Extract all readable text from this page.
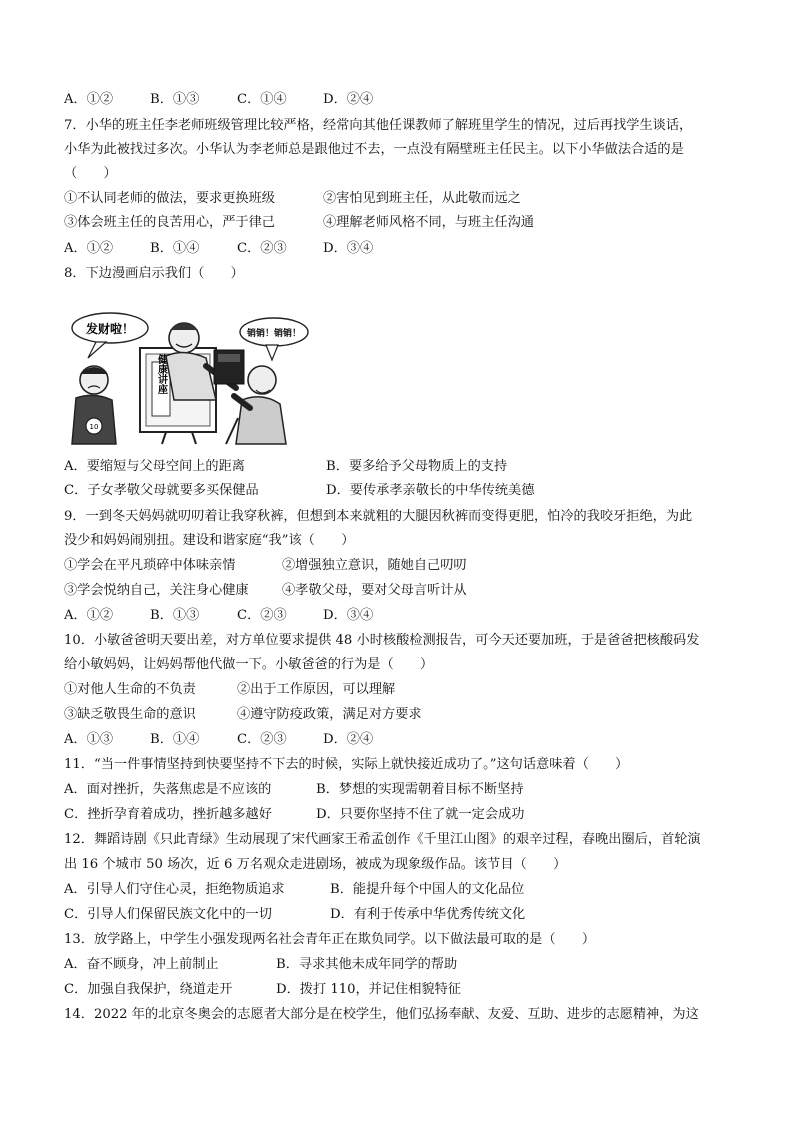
A．①②	B．①③	C．①④	D．②④
7．小华的班主任李老师班级管理比较严格，经常向其他任课教师了解班里学生的情况，过后再找学生谈话，
小华为此被找过多次。小华认为李老师总是跟他过不去，一点没有隔壁班主任民主。以下小华做法合适的是
（　　）
①不认同老师的做法，要求更换班级	②害怕见到班主任，从此敬而远之
③体会班主任的良苦用心，严于律己	④理解老师风格不同，与班主任沟通
A．①②	B．①④	C．②③	D．③④
8．下边漫画启示我们（　　）
发财啦！	销销！销销！
健康讲座
10
A．要缩短与父母空间上的距离	B．要多给予父母物质上的支持
C．子女孝敬父母就要多买保健品	D．要传承孝亲敬长的中华传统美德
9．一到冬天妈妈就叨叨着让我穿秋裤，但想到本来就粗的大腿因秋裤而变得更肥，怕冷的我咬牙拒绝，为此
没少和妈妈闹别扭。建设和谐家庭“我”该（　　）
①学会在平凡琐碎中体味亲情	②增强独立意识，随她自己叨叨
③学会悦纳自己，关注身心健康	④孝敬父母，要对父母言听计从
A．①②	B．①③	C．②③	D．③④
10．小敏爸爸明天要出差，对方单位要求提供 48 小时核酸检测报告，可今天还要加班，于是爸爸把核酸码发
给小敏妈妈，让妈妈帮他代做一下。小敏爸爸的行为是（　　）
①对他人生命的不负责	②出于工作原因，可以理解
③缺乏敬畏生命的意识	④遵守防疫政策，满足对方要求
A．①③	B．①④	C．②③	D．②④
11．“当一件事情坚持到快要坚持不下去的时候，实际上就快接近成功了。”这句话意味着（　　）
A．面对挫折，失落焦虑是不应该的	B．梦想的实现需朝着目标不断坚持
C．挫折孕育着成功，挫折越多越好	D．只要你坚持不住了就一定会成功
12．舞蹈诗剧《只此青绿》生动展现了宋代画家王希孟创作《千里江山图》的艰辛过程，春晚出圈后，首轮演
出 16 个城市 50 场次，近 6 万名观众走进剧场，被成为现象级作品。该节目（　　）
A．引导人们守住心灵，拒绝物质追求	B．能提升每个中国人的文化品位
C．引导人们保留民族文化中的一切	D．有利于传承中华优秀传统文化
13．放学路上，中学生小强发现两名社会青年正在欺负同学。以下做法最可取的是（　　）
A．奋不顾身，冲上前制止	B．寻求其他未成年同学的帮助
C．加强自我保护，绕道走开	D．拨打 110，并记住相貌特征
14．2022 年的北京冬奥会的志愿者大部分是在校学生，他们弘扬奉献、友爱、互助、进步的志愿精神，为这
